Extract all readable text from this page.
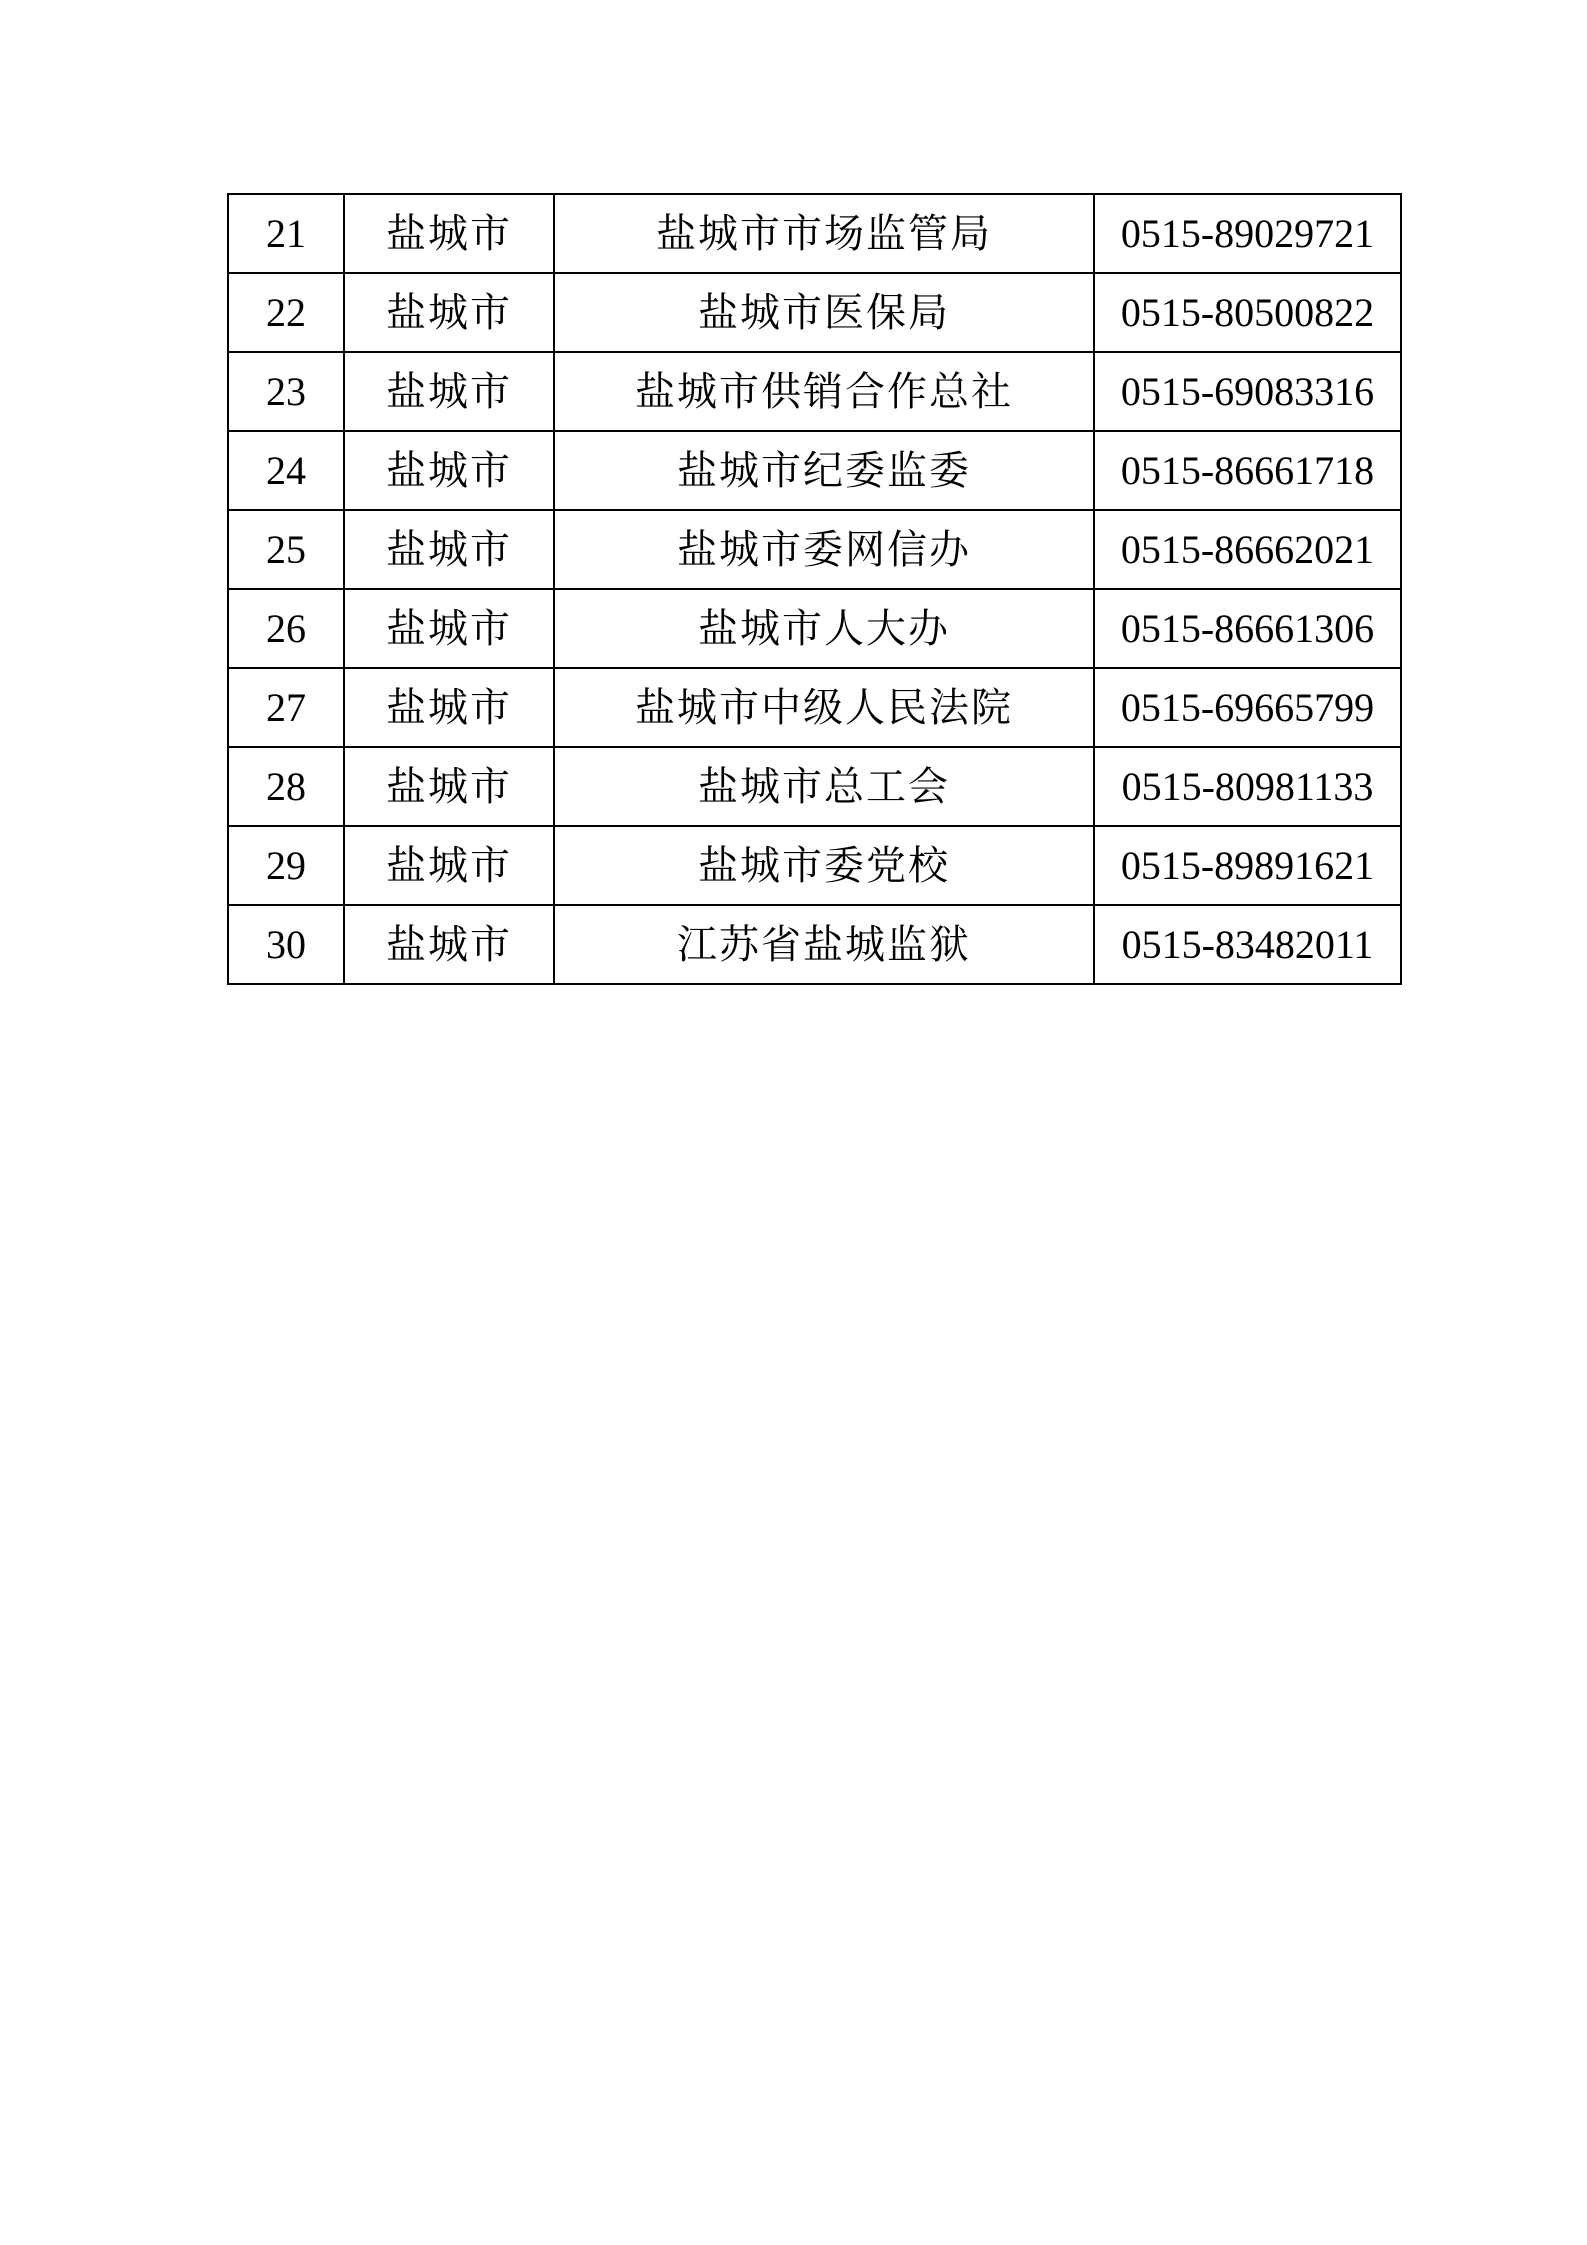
21	盐城市	盐城市市场监管局	0515-89029721
22	盐城市	盐城市医保局	0515-80500822
23	盐城市	盐城市供销合作总社	0515-69083316
24	盐城市	盐城市纪委监委	0515-86661718
25	盐城市	盐城市委网信办	0515-86662021
26	盐城市	盐城市人大办	0515-86661306
27	盐城市	盐城市中级人民法院	0515-69665799
28	盐城市	盐城市总工会	0515-80981133
29	盐城市	盐城市委党校	0515-89891621
30	盐城市	江苏省盐城监狱	0515-83482011
